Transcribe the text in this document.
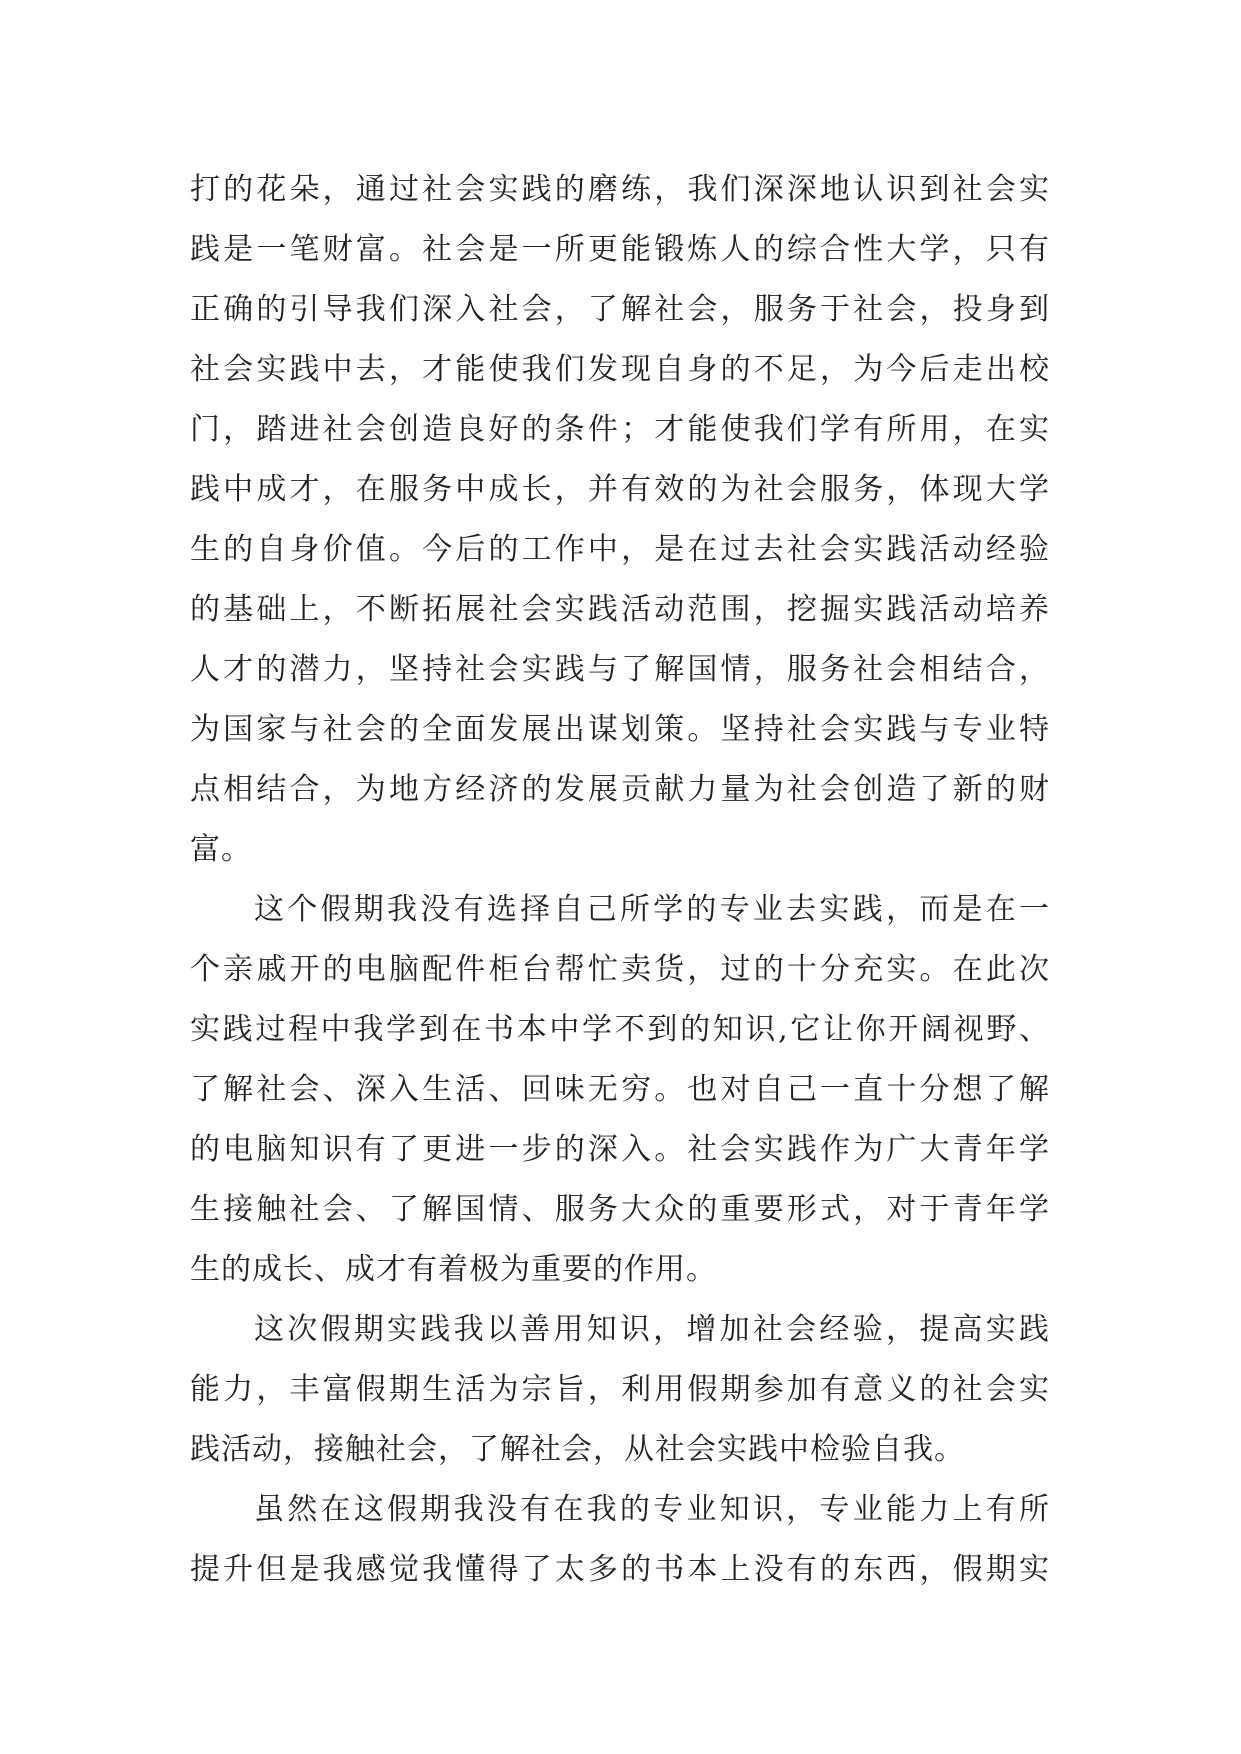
打的花朵，通过社会实践的磨练，我们深深地认识到社会实
践是一笔财富。社会是一所更能锻炼人的综合性大学，只有
正确的引导我们深入社会，了解社会，服务于社会，投身到
社会实践中去，才能使我们发现自身的不足，为今后走出校
门，踏进社会创造良好的条件；才能使我们学有所用，在实
践中成才，在服务中成长，并有效的为社会服务，体现大学
生的自身价值。今后的工作中，是在过去社会实践活动经验
的基础上，不断拓展社会实践活动范围，挖掘实践活动培养
人才的潜力，坚持社会实践与了解国情，服务社会相结合，
为国家与社会的全面发展出谋划策。坚持社会实践与专业特
点相结合，为地方经济的发展贡献力量为社会创造了新的财
富。
这个假期我没有选择自己所学的专业去实践，而是在一
个亲戚开的电脑配件柜台帮忙卖货，过的十分充实。在此次
实践过程中我学到在书本中学不到的知识,它让你开阔视野、
了解社会、深入生活、回味无穷。也对自己一直十分想了解
的电脑知识有了更进一步的深入。社会实践作为广大青年学
生接触社会、了解国情、服务大众的重要形式，对于青年学
生的成长、成才有着极为重要的作用。
这次假期实践我以善用知识，增加社会经验，提高实践
能力，丰富假期生活为宗旨，利用假期参加有意义的社会实
践活动，接触社会，了解社会，从社会实践中检验自我。
虽然在这假期我没有在我的专业知识，专业能力上有所
提升但是我感觉我懂得了太多的书本上没有的东西，假期实
